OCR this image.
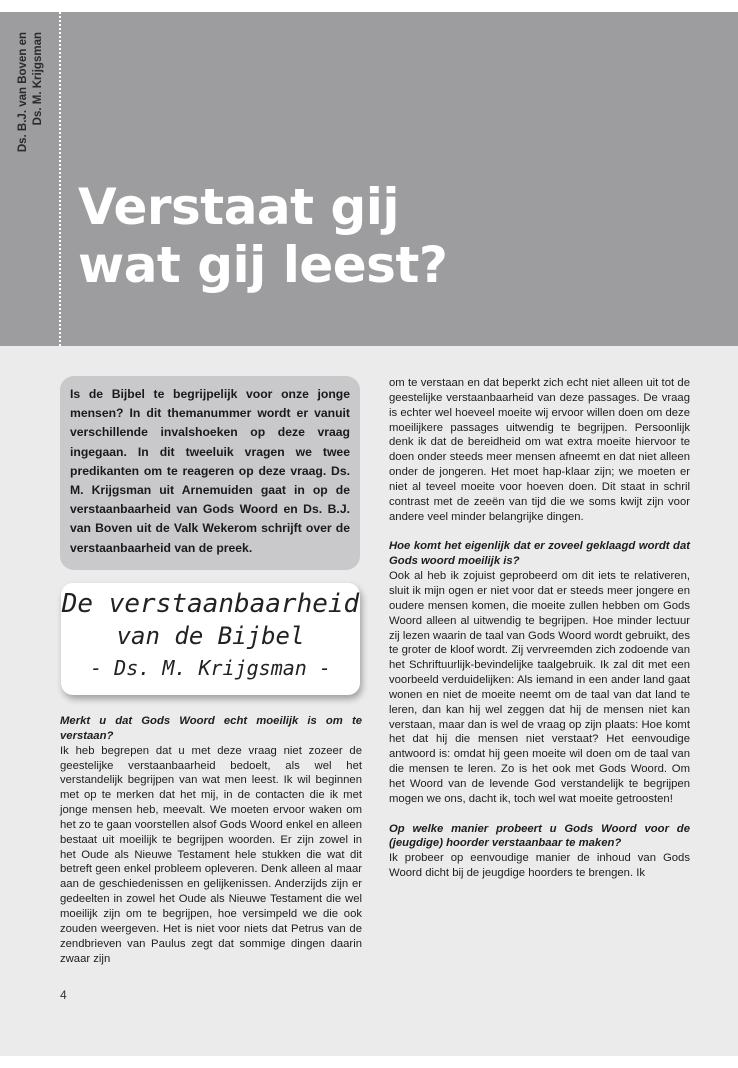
Ds. B.J. van Boven en Ds. M. Krijgsman
Verstaat gij
wat gij leest?
Is de Bijbel te begrijpelijk voor onze jonge mensen? In dit themanummer wordt er vanuit verschillende invalshoeken op deze vraag ingegaan. In dit tweeluik vragen we twee predikanten om te reageren op deze vraag. Ds. M. Krijgsman uit Arnemuiden gaat in op de verstaanbaarheid van Gods Woord en Ds. B.J. van Boven uit de Valk Wekerom schrijft over de verstaanbaarheid van de preek.
De verstaanbaarheid
van de Bijbel
- Ds. M. Krijgsman -

Merkt u dat Gods Woord echt moeilijk is om te verstaan?

Ik heb begrepen dat u met deze vraag niet zozeer de geestelijke verstaanbaarheid bedoelt, als wel het verstandelijk begrijpen van wat men leest. Ik wil beginnen met op te merken dat het mij, in de contacten die ik met jonge mensen heb, meevalt. We moeten ervoor waken om het zo te gaan voorstellen alsof Gods Woord enkel en alleen bestaat uit moeilijk te begrijpen woorden. Er zijn zowel in het Oude als Nieuwe Testament hele stukken die wat dit betreft geen enkel probleem opleveren. Denk alleen al maar aan de geschiedenissen en gelijkenissen. Anderzijds zijn er gedeelten in zowel het Oude als Nieuwe Testament die wel moeilijk zijn om te begrijpen, hoe versimpeld we die ook zouden weergeven. Het is niet voor niets dat Petrus van de zendbrieven van Paulus zegt dat sommige dingen daarin zwaar zijn

om te verstaan en dat beperkt zich echt niet alleen uit tot de geestelijke verstaanbaarheid van deze passages. De vraag is echter wel hoeveel moeite wij ervoor willen doen om deze moeilijkere passages uitwendig te begrijpen. Persoonlijk denk ik dat de bereidheid om wat extra moeite hiervoor te doen onder steeds meer mensen afneemt en dat niet alleen onder de jongeren. Het moet hap-klaar zijn; we moeten er niet al teveel moeite voor hoeven doen. Dit staat in schril contrast met de zeeën van tijd die we soms kwijt zijn voor andere veel minder belangrijke dingen.

Hoe komt het eigenlijk dat er zoveel geklaagd wordt dat Gods woord moeilijk is?

Ook al heb ik zojuist geprobeerd om dit iets te relativeren, sluit ik mijn ogen er niet voor dat er steeds meer jongere en oudere mensen komen, die moeite zullen hebben om Gods Woord alleen al uitwendig te begrijpen. Hoe minder lectuur zij lezen waarin de taal van Gods Woord wordt gebruikt, des te groter de kloof wordt. Zij vervreemden zich zodoende van het Schriftuurlijk-bevindelijke taalgebruik. Ik zal dit met een voorbeeld verduidelijken: Als iemand in een ander land gaat wonen en niet de moeite neemt om de taal van dat land te leren, dan kan hij wel zeggen dat hij de mensen niet kan verstaan, maar dan is wel de vraag op zijn plaats: Hoe komt het dat hij die mensen niet verstaat? Het eenvoudige antwoord is: omdat hij geen moeite wil doen om de taal van die mensen te leren. Zo is het ook met Gods Woord. Om het Woord van de levende God verstandelijk te begrijpen mogen we ons, dacht ik, toch wel wat moeite getroosten!

Op welke manier probeert u Gods Woord voor de (jeugdige) hoorder verstaanbaar te maken?

Ik probeer op eenvoudige manier de inhoud van Gods Woord dicht bij de jeugdige hoorders te brengen. Ik

4
